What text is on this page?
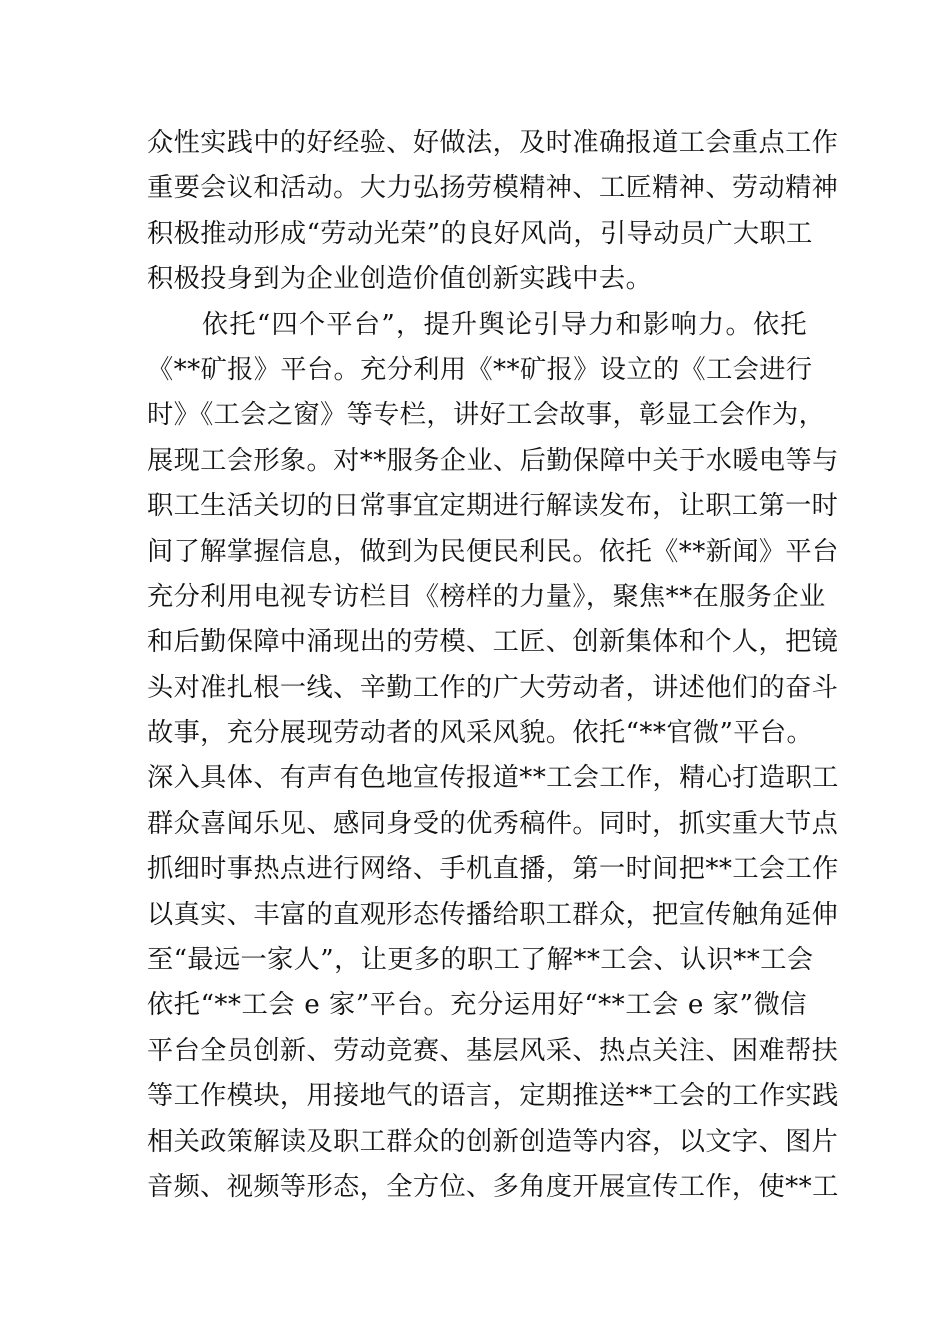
众性实践中的好经验、好做法，及时准确报道工会重点工作
重要会议和活动。大力弘扬劳模精神、工匠精神、劳动精神
积极推动形成“劳动光荣”的良好风尚，引导动员广大职工
积极投身到为企业创造价值创新实践中去。
　　依托“四个平台”，提升舆论引导力和影响力。依托
《**矿报》平台。充分利用《**矿报》设立的《工会进行
时》《工会之窗》等专栏，讲好工会故事，彰显工会作为，
展现工会形象。对**服务企业、后勤保障中关于水暖电等与
职工生活关切的日常事宜定期进行解读发布，让职工第一时
间了解掌握信息，做到为民便民利民。依托《**新闻》平台
充分利用电视专访栏目《榜样的力量》，聚焦**在服务企业
和后勤保障中涌现出的劳模、工匠、创新集体和个人，把镜
头对准扎根一线、辛勤工作的广大劳动者，讲述他们的奋斗
故事，充分展现劳动者的风采风貌。依托“**官微”平台。
深入具体、有声有色地宣传报道**工会工作，精心打造职工
群众喜闻乐见、感同身受的优秀稿件。同时，抓实重大节点
抓细时事热点进行网络、手机直播，第一时间把**工会工作
以真实、丰富的直观形态传播给职工群众，把宣传触角延伸
至“最远一家人”，让更多的职工了解**工会、认识**工会
依托“**工会 e 家”平台。充分运用好“**工会 e 家”微信
平台全员创新、劳动竞赛、基层风采、热点关注、困难帮扶
等工作模块，用接地气的语言，定期推送**工会的工作实践
相关政策解读及职工群众的创新创造等内容，以文字、图片
音频、视频等形态，全方位、多角度开展宣传工作，使**工
